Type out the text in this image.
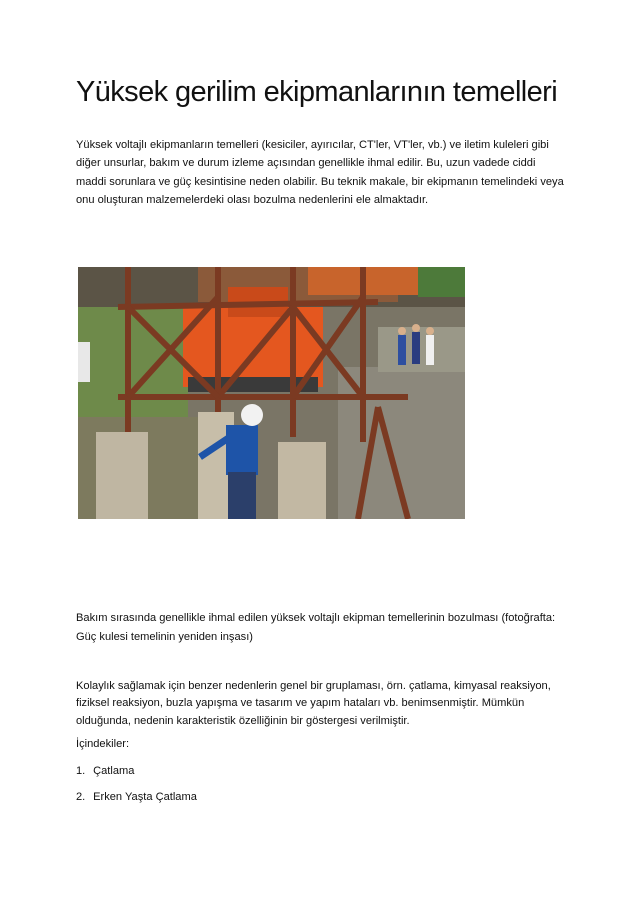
Yüksek gerilim ekipmanlarının temelleri

Yüksek voltajlı ekipmanların temelleri (kesiciler, ayırıcılar, CT'ler, VT'ler, vb.) ve iletim kuleleri gibi diğer unsurlar, bakım ve durum izleme açısından genellikle ihmal edilir. Bu, uzun vadede ciddi maddi sorunlara ve güç kesintisine neden olabilir. Bu teknik makale, bir ekipmanın temelindeki veya onu oluşturan malzemelerdeki olası bozulma nedenlerini ele almaktadır.

Bakım sırasında genellikle ihmal edilen yüksek voltajlı ekipman temellerinin bozulması (fotoğrafta: Güç kulesi temelinin yeniden inşası)

Kolaylık sağlamak için benzer nedenlerin genel bir gruplaması, örn. çatlama, kimyasal reaksiyon, fiziksel reaksiyon, buzla yapışma ve tasarım ve yapım hataları vb. benimsenmiştir. Mümkün olduğunda, nedenin karakteristik özelliğinin bir göstergesi verilmiştir.

İçindekiler:

1. Çatlama
2. Erken Yaşta Çatlama
